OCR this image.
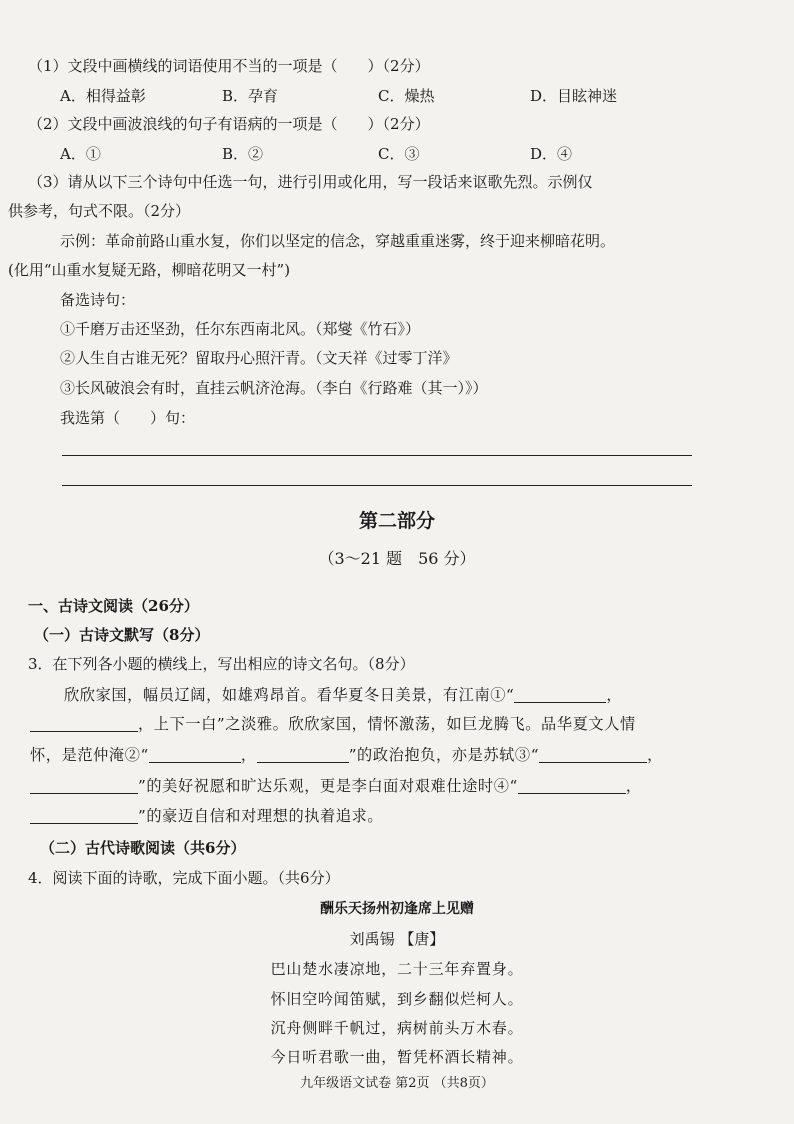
（1）文段中画横线的词语使用不当的一项是（　　）（2分）
A．相得益彰	B．孕育	C．燥热	D．目眩神迷
（2）文段中画波浪线的句子有语病的一项是（　　）（2分）
A．①	B．②	C．③	D．④
（3）请从以下三个诗句中任选一句，进行引用或化用，写一段话来讴歌先烈。示例仅
供参考，句式不限。（2分）
示例：革命前路山重水复，你们以坚定的信念，穿越重重迷雾，终于迎来柳暗花明。
(化用“山重水复疑无路，柳暗花明又一村”)
备选诗句：
①千磨万击还坚劲，任尔东西南北风。（郑燮《竹石》）
②人生自古谁无死？留取丹心照汗青。（文天祥《过零丁洋》
③长风破浪会有时，直挂云帆济沧海。（李白《行路难（其一）》）
我选第（　　）句：
第二部分
（3～21 题　56 分）
一、古诗文阅读（26分）
（一）古诗文默写（8分）
3．在下列各小题的横线上，写出相应的诗文名句。（8分）
欣欣家国，幅员辽阔，如雄鸡昂首。看华夏冬日美景，有江南①“	，
，上下一白”之淡雅。欣欣家国，情怀激荡，如巨龙腾飞。品华夏文人情
怀，是范仲淹②“	，	”的政治抱负，亦是苏轼③“	，
”的美好祝愿和旷达乐观，更是李白面对艰难仕途时④“	，
”的豪迈自信和对理想的执着追求。
（二）古代诗歌阅读（共6分）
4．阅读下面的诗歌，完成下面小题。（共6分）
酬乐天扬州初逢席上见赠
刘禹锡 【唐】
巴山楚水凄凉地，二十三年弃置身。
怀旧空吟闻笛赋，到乡翻似烂柯人。
沉舟侧畔千帆过，病树前头万木春。
今日听君歌一曲，暂凭杯酒长精神。
九年级语文试卷 第2页 （共8页）
